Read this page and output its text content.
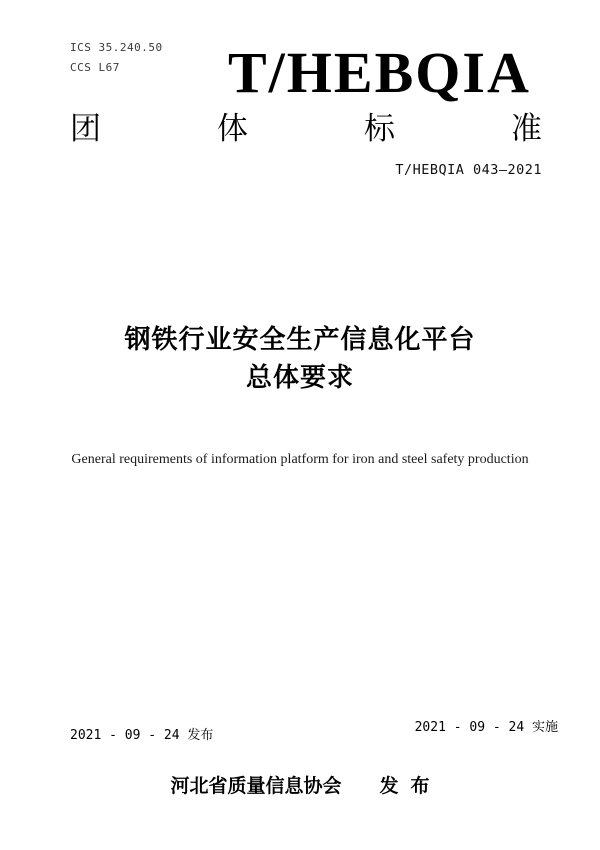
ICS 35.240.50
CCS L67	T/HEBQIA
团	体	标	准
T/HEBQIA 043—2021
钢铁行业安全生产信息化平台
总体要求
General requirements of information platform for iron and steel safety production
2021 - 09 - 24 发布
2021 - 09 - 24 实施
河北省质量信息协会 发布
